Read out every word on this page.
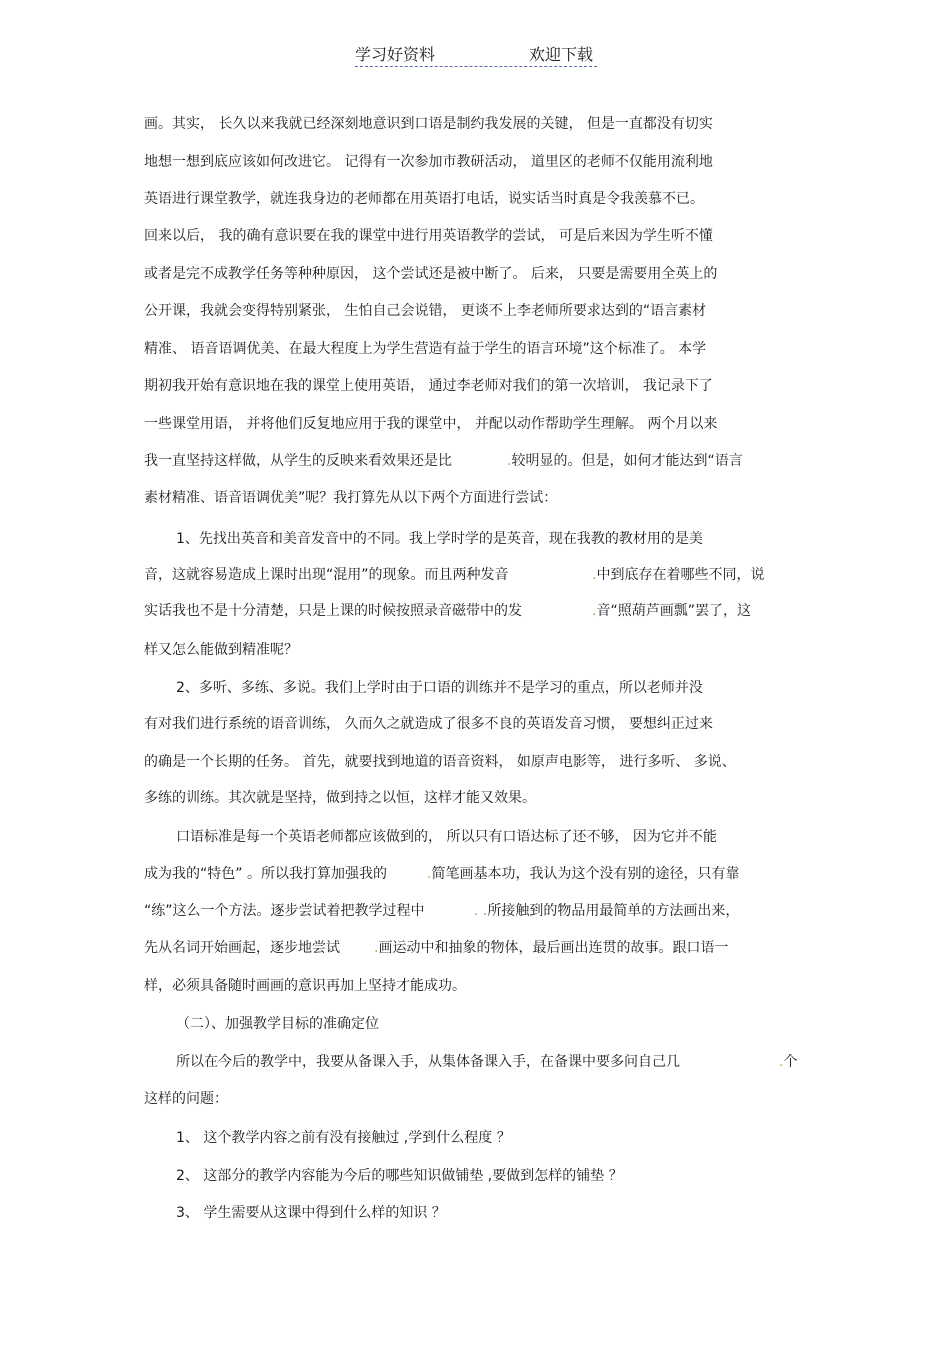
学习好资料	欢迎下载
画。其实， 长久以来我就已经深刻地意识到口语是制约我发展的关键， 但是一直都没有切实
地想一想到底应该如何改进它。 记得有一次参加市教研活动， 道里区的老师不仅能用流利地
英语进行课堂教学，就连我身边的老师都在用英语打电话，说实话当时真是令我羡慕不已。
回来以后， 我的确有意识要在我的课堂中进行用英语教学的尝试， 可是后来因为学生听不懂
或者是完不成教学任务等种种原因， 这个尝试还是被中断了。 后来， 只要是需要用全英上的
公开课，我就会变得特别紧张， 生怕自己会说错， 更谈不上李老师所要求达到的“语言素材
精准、 语音语调优美、在最大程度上为学生营造有益于学生的语言环境”这个标准了。 本学
期初我开始有意识地在我的课堂上使用英语， 通过李老师对我们的第一次培训， 我记录下了
一些课堂用语， 并将他们反复地应用于我的课堂中， 并配以动作帮助学生理解。 两个月以来
我一直坚持这样做，从学生的反映来看效果还是比	.较明显的。但是，如何才能达到“语言
素材精准、语音语调优美”呢？我打算先从以下两个方面进行尝试：
1、先找出英音和美音发音中的不同。我上学时学的是英音，现在我教的教材用的是美
音，这就容易造成上课时出现“混用”的现象。而且两种发音	.中到底存在着哪些不同，说
实话我也不是十分清楚，只是上课的时候按照录音磁带中的发	.音“照葫芦画瓢”罢了，这
样又怎么能做到精准呢？
2、多听、多练、多说。我们上学时由于口语的训练并不是学习的重点，所以老师并没
有对我们进行系统的语音训练， 久而久之就造成了很多不良的英语发音习惯， 要想纠正过来
的确是一个长期的任务。 首先，就要找到地道的语音资料， 如原声电影等， 进行多听、 多说、
多练的训练。其次就是坚持，做到持之以恒，这样才能又效果。
口语标准是每一个英语老师都应该做到的， 所以只有口语达标了还不够， 因为它并不能
成为我的“特色” 。所以我打算加强我的	.简笔画基本功，我认为这个没有别的途径，只有靠
“练”这么一个方法。逐步尝试着把教学过程中	. .所接触到的物品用最简单的方法画出来，
先从名词开始画起，逐步地尝试 .画运动中和抽象的物体，最后画出连贯的故事。跟口语一
样，必须具备随时画画的意识再加上坚持才能成功。
（二）、加强教学目标的准确定位
所以在今后的教学中，我要从备课入手，从集体备课入手，在备课中要多问自己几	.个
这样的问题：
1、 这个教学内容之前有没有接触过 ,学到什么程度 ？
2、 这部分的教学内容能为今后的哪些知识做铺垫 ,要做到怎样的铺垫 ？
3、 学生需要从这课中得到什么样的知识 ？
